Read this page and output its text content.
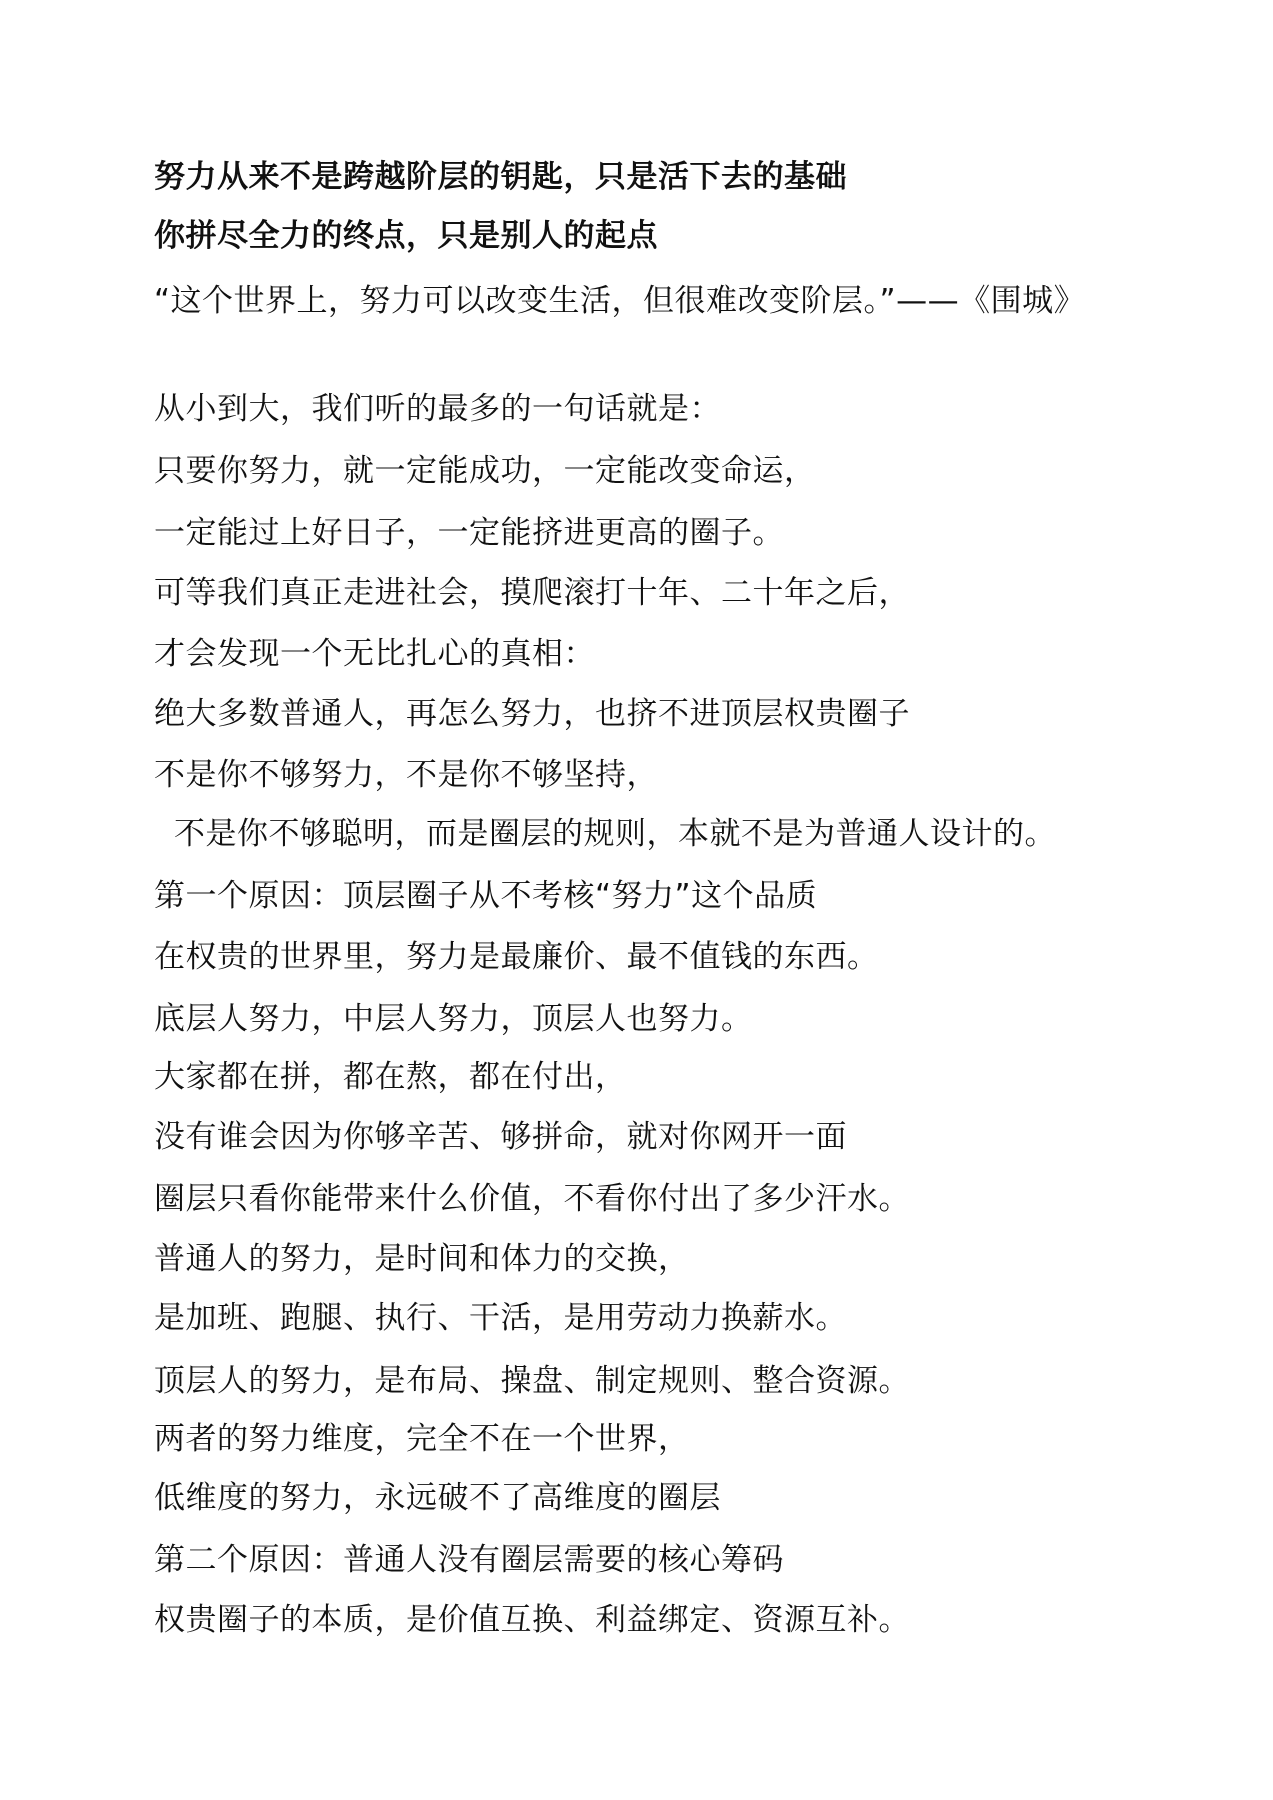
努力从来不是跨越阶层的钥匙，只是活下去的基础
你拼尽全力的终点，只是别人的起点
“这个世界上，努力可以改变生活，但很难改变阶层。”——《围城》
从小到大，我们听的最多的一句话就是：
只要你努力，就一定能成功，一定能改变命运，
一定能过上好日子，一定能挤进更高的圈子。
可等我们真正走进社会，摸爬滚打十年、二十年之后，
才会发现一个无比扎心的真相：
绝大多数普通人，再怎么努力，也挤不进顶层权贵圈子
不是你不够努力，不是你不够坚持，
不是你不够聪明，而是圈层的规则，本就不是为普通人设计的。
第一个原因：顶层圈子从不考核“努力”这个品质
在权贵的世界里，努力是最廉价、最不值钱的东西。
底层人努力，中层人努力，顶层人也努力。
大家都在拼，都在熬，都在付出，
没有谁会因为你够辛苦、够拼命，就对你网开一面
圈层只看你能带来什么价值，不看你付出了多少汗水。
普通人的努力，是时间和体力的交换，
是加班、跑腿、执行、干活，是用劳动力换薪水。
顶层人的努力，是布局、操盘、制定规则、整合资源。
两者的努力维度，完全不在一个世界，
低维度的努力，永远破不了高维度的圈层
第二个原因：普通人没有圈层需要的核心筹码
权贵圈子的本质，是价值互换、利益绑定、资源互补。
